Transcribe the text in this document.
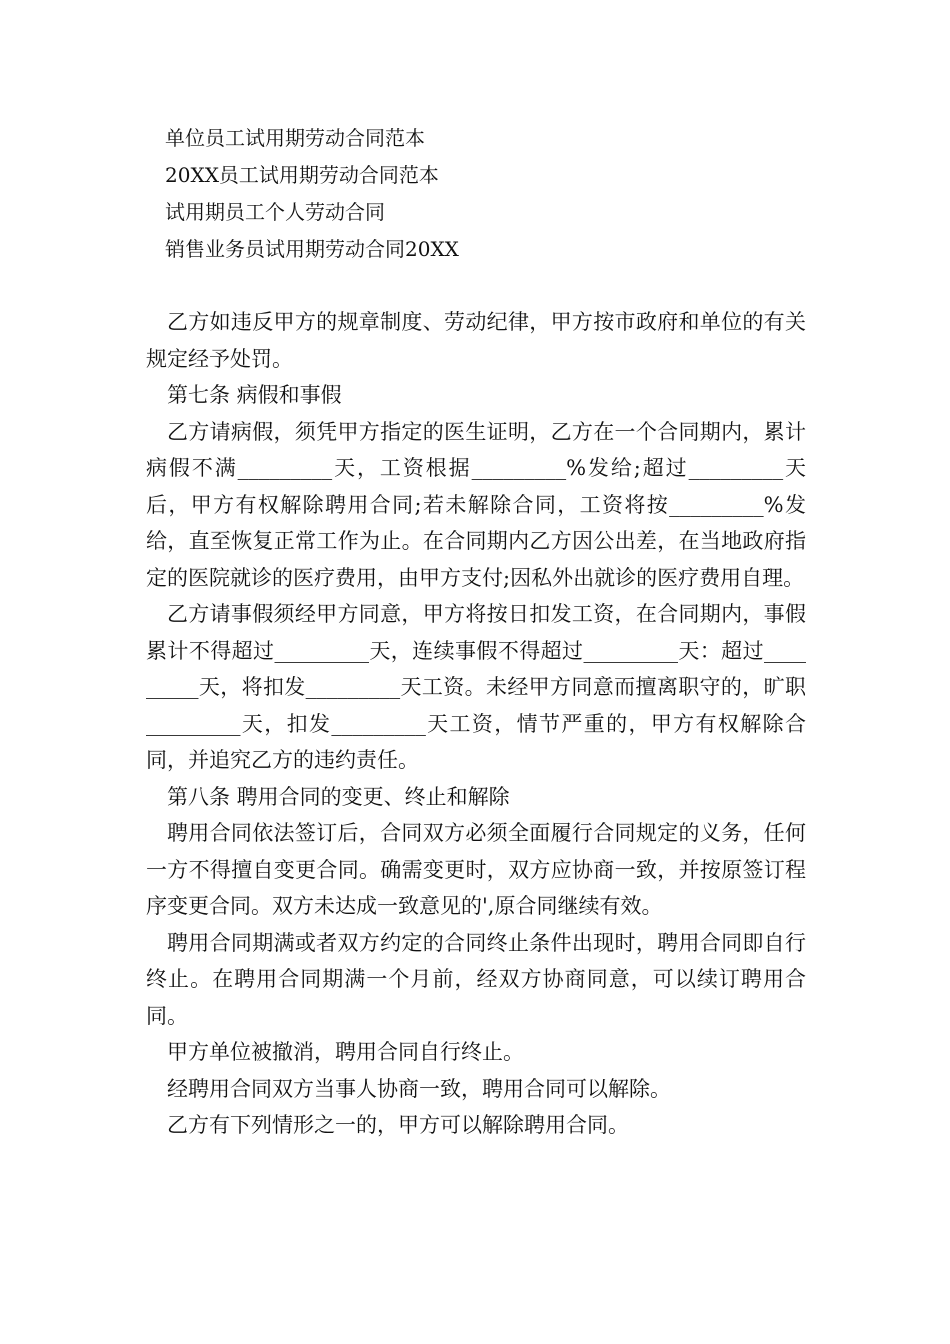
单位员工试用期劳动合同范本
20XX员工试用期劳动合同范本
试用期员工个人劳动合同
销售业务员试用期劳动合同20XX

乙方如违反甲方的规章制度、劳动纪律，甲方按市政府和单位的有关规定经予处罚。

第七条 病假和事假

乙方请病假，须凭甲方指定的医生证明，乙方在一个合同期内，累计病假不满_________天，工资根据_________%发给;超过_________天后，甲方有权解除聘用合同;若未解除合同，工资将按_________%发给，直至恢复正常工作为止。在合同期内乙方因公出差，在当地政府指定的医院就诊的医疗费用，由甲方支付;因私外出就诊的医疗费用自理。

乙方请事假须经甲方同意，甲方将按日扣发工资，在合同期内，事假累计不得超过_________天，连续事假不得超过_________天：超过_________天，将扣发_________天工资。未经甲方同意而擅离职守的，旷职_________天，扣发_________天工资，情节严重的，甲方有权解除合同，并追究乙方的违约责任。

第八条 聘用合同的变更、终止和解除

聘用合同依法签订后，合同双方必须全面履行合同规定的义务，任何一方不得擅自变更合同。确需变更时，双方应协商一致，并按原签订程序变更合同。双方未达成一致意见的',原合同继续有效。

聘用合同期满或者双方约定的合同终止条件出现时，聘用合同即自行终止。在聘用合同期满一个月前，经双方协商同意，可以续订聘用合同。

甲方单位被撤消，聘用合同自行终止。

经聘用合同双方当事人协商一致，聘用合同可以解除。

乙方有下列情形之一的，甲方可以解除聘用合同。
